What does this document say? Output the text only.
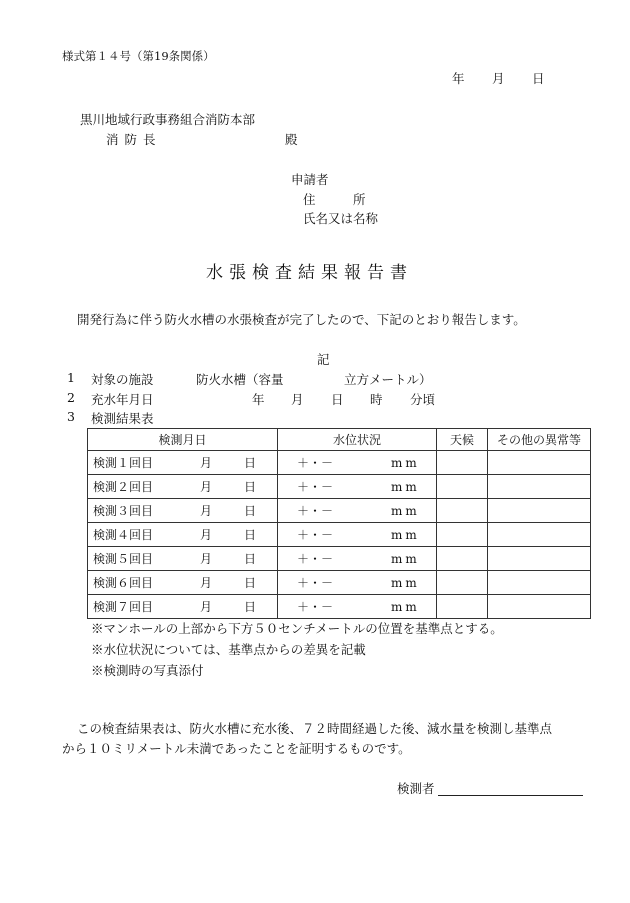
様式第１４号（第19条関係）
年 月 日
黒川地域行政事務組合消防本部
消 防 長	殿
申請者
住　　　所
氏名又は名称
水張検査結果報告書
開発行為に伴う防火水槽の水張検査が完了したので、下記のとおり報告します。
記
1 対象の施設	防火水槽（容量	立方メートル）
2 充水年月日	年 月 日 時 分頃
3 検測結果表
検測月日	水位状況	天候	その他の異常等
検測１回目 月 日	＋・－ mm		
検測２回目 月 日	＋・－ mm		
検測３回目 月 日	＋・－ mm		
検測４回目 月 日	＋・－ mm		
検測５回目 月 日	＋・－ mm		
検測６回目 月 日	＋・－ mm		
検測７回目 月 日	＋・－ mm		
※マンホールの上部から下方５０センチメートルの位置を基準点とする。
※水位状況については、基準点からの差異を記載
※検測時の写真添付
この検査結果表は、防火水槽に充水後、７２時間経過した後、減水量を検測し基準点
から１０ミリメートル未満であったことを証明するものです。
検測者
